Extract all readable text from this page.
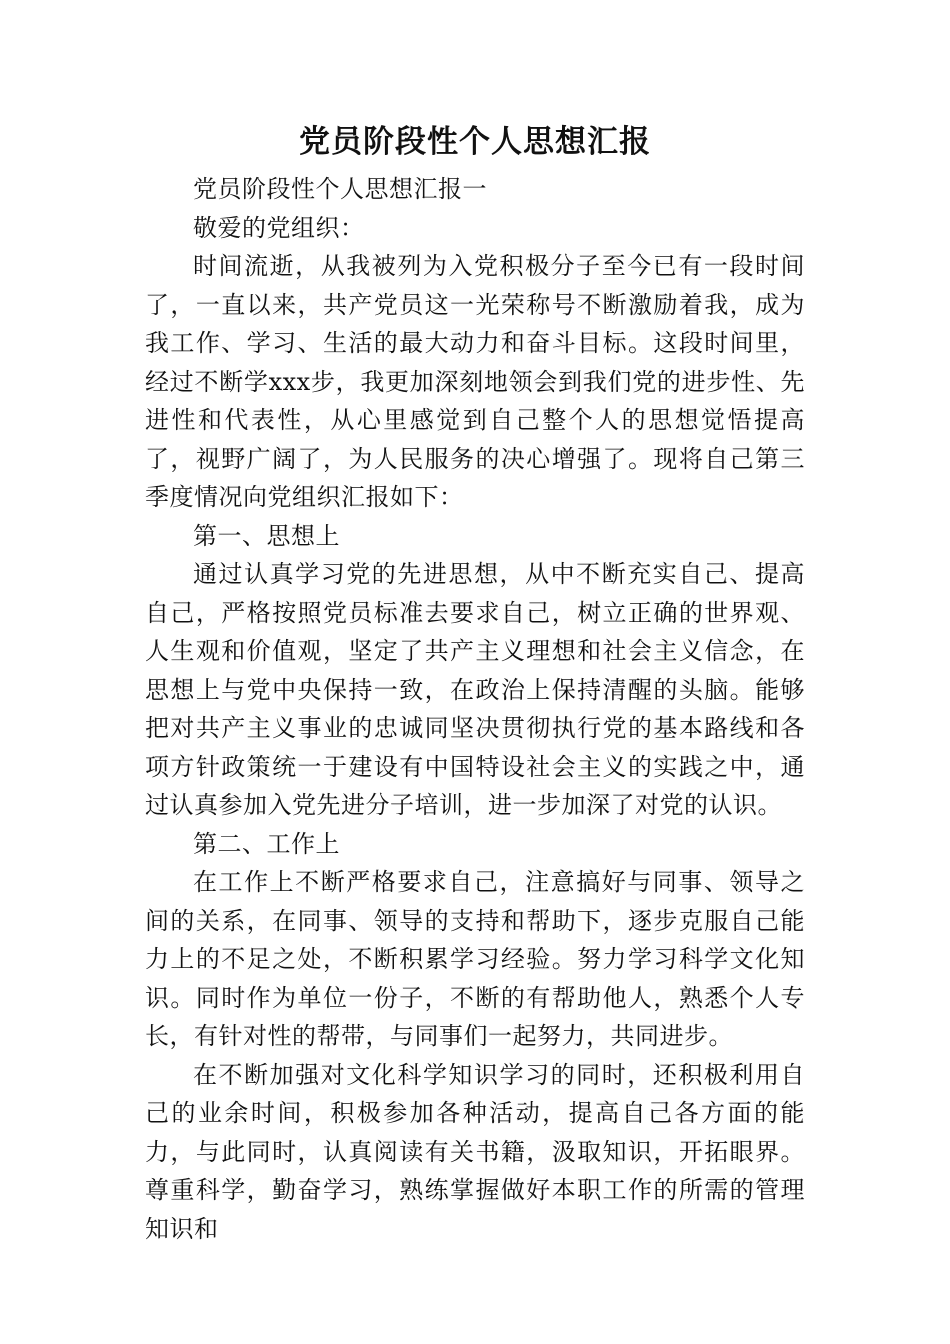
党员阶段性个人思想汇报

党员阶段性个人思想汇报一

敬爱的党组织：

时间流逝，从我被列为入党积极分子至今已有一段时间了，一直以来，共产党员这一光荣称号不断激励着我，成为我工作、学习、生活的最大动力和奋斗目标。这段时间里，经过不断学xxx步，我更加深刻地领会到我们党的进步性、先进性和代表性，从心里感觉到自己整个人的思想觉悟提高了，视野广阔了，为人民服务的决心增强了。现将自己第三季度情况向党组织汇报如下：

第一、思想上

通过认真学习党的先进思想，从中不断充实自己、提高自己，严格按照党员标准去要求自己，树立正确的世界观、人生观和价值观，坚定了共产主义理想和社会主义信念，在思想上与党中央保持一致，在政治上保持清醒的头脑。能够把对共产主义事业的忠诚同坚决贯彻执行党的基本路线和各项方针政策统一于建设有中国特设社会主义的实践之中，通过认真参加入党先进分子培训，进一步加深了对党的认识。

第二、工作上

在工作上不断严格要求自己，注意搞好与同事、领导之间的关系，在同事、领导的支持和帮助下，逐步克服自己能力上的不足之处，不断积累学习经验。努力学习科学文化知识。同时作为单位一份子，不断的有帮助他人，熟悉个人专长，有针对性的帮带，与同事们一起努力，共同进步。

在不断加强对文化科学知识学习的同时，还积极利用自己的业余时间，积极参加各种活动，提高自己各方面的能力，与此同时，认真阅读有关书籍，汲取知识，开拓眼界。尊重科学，勤奋学习，熟练掌握做好本职工作的所需的管理知识和
